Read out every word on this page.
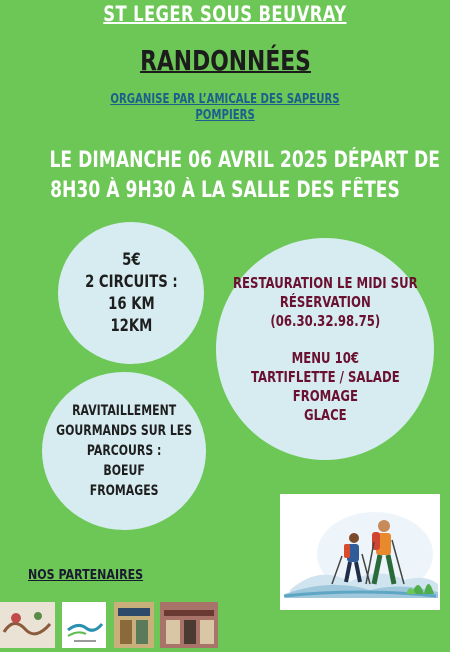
ST LEGER SOUS BEUVRAY
RANDONNÉES
ORGANISE PAR L’AMICALE DES SAPEURS
POMPIERS
LE DIMANCHE 06 AVRIL 2025 DÉPART DE
8H30 À 9H30 À LA SALLE DES FÊTES
5€
2 CIRCUITS :
16 KM
12KM
RESTAURATION LE MIDI SUR
RÉSERVATION
(06.30.32.98.75)
MENU 10€
TARTIFLETTE / SALADE
FROMAGE
GLACE
RAVITAILLEMENT
GOURMANDS SUR LES
PARCOURS :
BOEUF
FROMAGES
NOS PARTENAIRES
